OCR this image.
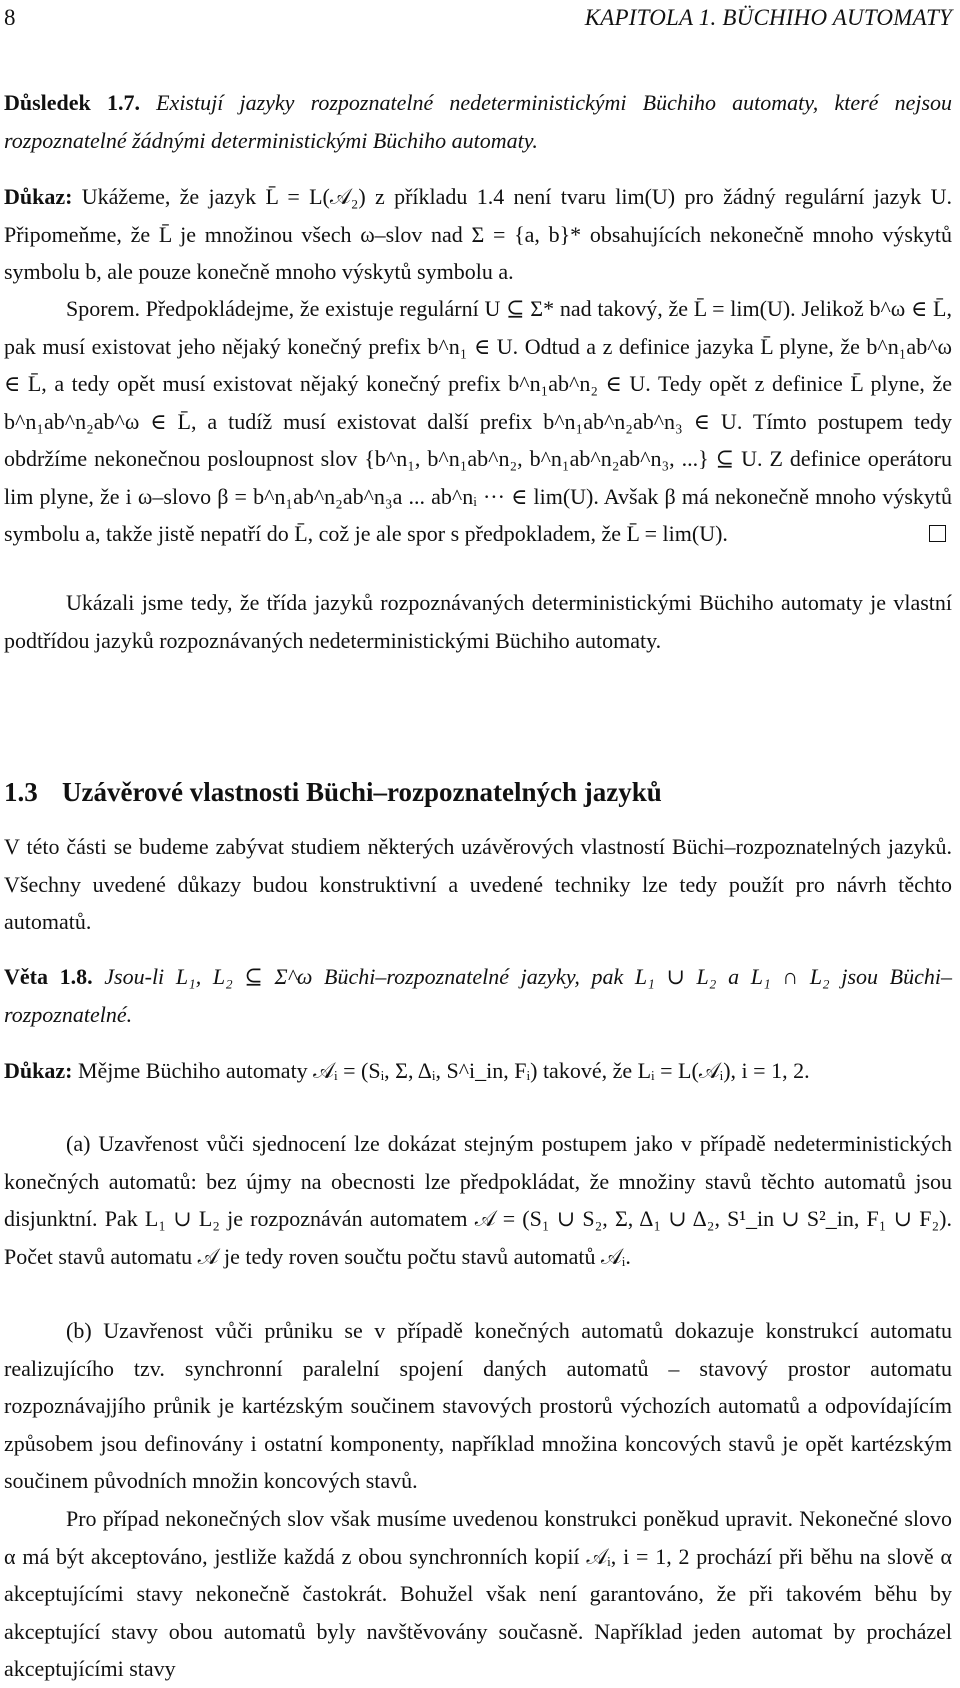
8	KAPITOLA 1. BÜCHIHO AUTOMATY
Důsledek 1.7. Existují jazyky rozpoznatelné nedeterministickými Büchiho automaty, které nejsou rozpoznatelné žádnými deterministickými Büchiho automaty.
Důkaz: Ukážeme, že jazyk L̄ = L(𝒜₂) z příkladu 1.4 není tvaru lim(U) pro žádný regulární jazyk U. Připomeňme, že L̄ je množinou všech ω–slov nad Σ = {a, b}* obsahujících nekonečně mnoho výskytů symbolu b, ale pouze konečně mnoho výskytů symbolu a.
Sporem. Předpokládejme, že existuje regulární U ⊆ Σ* nad takový, že L̄ = lim(U). Jelikož b^ω ∈ L̄, pak musí existovat jeho nějaký konečný prefix b^n₁ ∈ U. Odtud a z definice jazyka L̄ plyne, že b^n₁ab^ω ∈ L̄, a tedy opět musí existovat nějaký konečný prefix b^n₁ab^n₂ ∈ U. Tedy opět z definice L̄ plyne, že b^n₁ab^n₂ab^ω ∈ L̄, a tudíž musí existovat další prefix b^n₁ab^n₂ab^n₃ ∈ U. Tímto postupem tedy obdržíme nekonečnou posloupnost slov {b^n₁, b^n₁ab^n₂, b^n₁ab^n₂ab^n₃, ...} ⊆ U. Z definice operátoru lim plyne, že i ω–slovo β = b^n₁ab^n₂ab^n₃a ... ab^nᵢ ··· ∈ lim(U). Avšak β má nekonečně mnoho výskytů symbolu a, takže jistě nepatří do L̄, což je ale spor s předpokladem, že L̄ = lim(U).
Ukázali jsme tedy, že třída jazyků rozpoznávaných deterministickými Büchiho automaty je vlastní podtřídou jazyků rozpoznávaných nedeterministickými Büchiho automaty.
1.3 Uzávěrové vlastnosti Büchi–rozpoznatelných jazyků
V této části se budeme zabývat studiem některých uzávěrových vlastností Büchi–rozpoznatelných jazyků. Všechny uvedené důkazy budou konstruktivní a uvedené techniky lze tedy použít pro návrh těchto automatů.
Věta 1.8. Jsou-li L₁, L₂ ⊆ Σ^ω Büchi–rozpoznatelné jazyky, pak L₁ ∪ L₂ a L₁ ∩ L₂ jsou Büchi–rozpoznatelné.
Důkaz: Mějme Büchiho automaty 𝒜ᵢ = (Sᵢ, Σ, Δᵢ, S^i_in, Fᵢ) takové, že Lᵢ = L(𝒜ᵢ), i = 1, 2.
(a) Uzavřenost vůči sjednocení lze dokázat stejným postupem jako v případě nedeterministických konečných automatů: bez újmy na obecnosti lze předpokládat, že množiny stavů těchto automatů jsou disjunktní. Pak L₁ ∪ L₂ je rozpoznáván automatem 𝒜 = (S₁ ∪ S₂, Σ, Δ₁ ∪ Δ₂, S¹_in ∪ S²_in, F₁ ∪ F₂). Počet stavů automatu 𝒜 je tedy roven součtu počtu stavů automatů 𝒜ᵢ.
(b) Uzavřenost vůči průniku se v případě konečných automatů dokazuje konstrukcí automatu realizujícího tzv. synchronní paralelní spojení daných automatů – stavový prostor automatu rozpoznávajjího průnik je kartézským součinem stavových prostorů výchozích automatů a odpovídajícím způsobem jsou definovány i ostatní komponenty, například množina koncových stavů je opět kartézským součinem původních množin koncových stavů.
Pro případ nekonečných slov však musíme uvedenou konstrukci poněkud upravit. Nekonečné slovo α má být akceptováno, jestliže každá z obou synchronních kopií 𝒜ᵢ, i = 1, 2 prochází při běhu na slově α akceptujícími stavy nekonečně častokrát. Bohužel však není garantováno, že při takovém běhu by akceptující stavy obou automatů byly navštěvovány současně. Například jeden automat by procházel akceptujícími stavy
